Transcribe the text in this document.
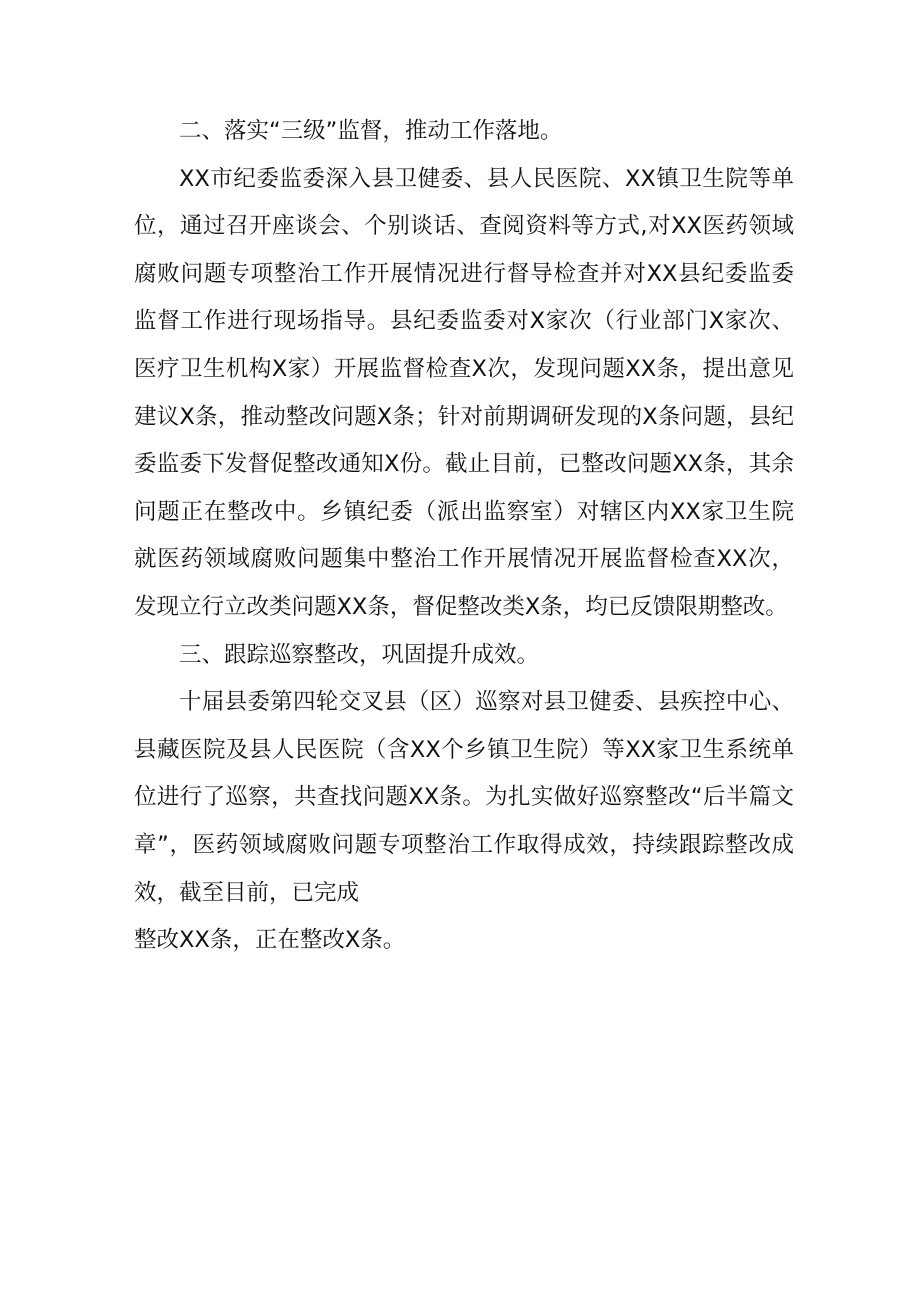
二、落实“三级”监督，推动工作落地。

XX市纪委监委深入县卫健委、县人民医院、XX镇卫生院等单位，通过召开座谈会、个别谈话、查阅资料等方式,对XX医药领域腐败问题专项整治工作开展情况进行督导检查并对XX县纪委监委监督工作进行现场指导。县纪委监委对X家次（行业部门X家次、医疗卫生机构X家）开展监督检查X次，发现问题XX条，提出意见建议X条，推动整改问题X条；针对前期调研发现的X条问题，县纪委监委下发督促整改通知X份。截止目前，已整改问题XX条，其余问题正在整改中。乡镇纪委（派出监察室）对辖区内XX家卫生院就医药领域腐败问题集中整治工作开展情况开展监督检查XX次，发现立行立改类问题XX条，督促整改类X条，均已反馈限期整改。

三、跟踪巡察整改，巩固提升成效。

十届县委第四轮交叉县（区）巡察对县卫健委、县疾控中心、县藏医院及县人民医院（含XX个乡镇卫生院）等XX家卫生系统单位进行了巡察，共查找问题XX条。为扎实做好巡察整改“后半篇文章”，医药领域腐败问题专项整治工作取得成效，持续跟踪整改成效，截至目前，已完成

整改XX条，正在整改X条。
